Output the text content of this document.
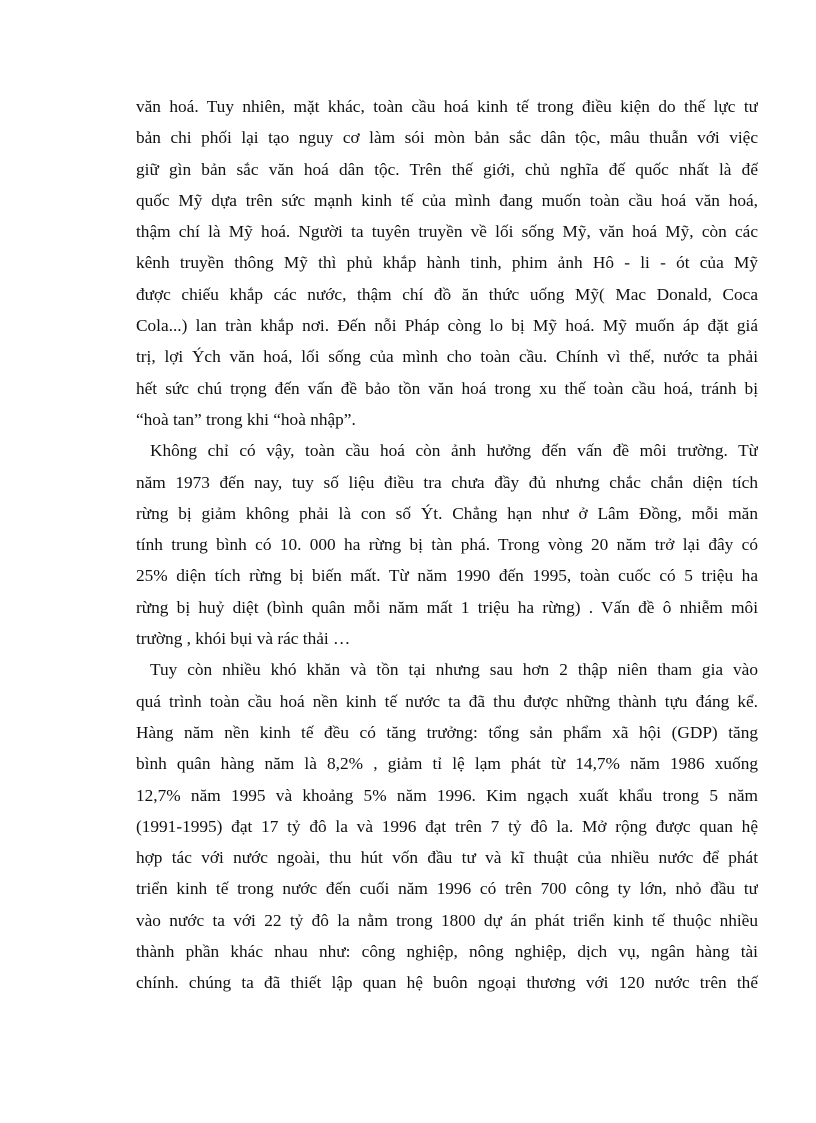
văn hoá. Tuy nhiên, mặt khác, toàn cầu hoá kinh tế trong điều kiện do thế lực tư
bản chi phối lại tạo nguy cơ làm sói mòn bản sắc dân tộc, mâu thuẫn với việc
giữ gìn bản sắc văn hoá dân tộc. Trên thế giới, chủ nghĩa đế quốc nhất là đế
quốc Mỹ dựa trên sức mạnh kinh tế của mình đang muốn toàn cầu hoá văn hoá,
thậm chí là Mỹ hoá. Người ta tuyên truyền về lối sống Mỹ, văn hoá Mỹ, còn các
kênh truyền thông Mỹ thì phủ khắp hành tinh, phim ảnh Hô - li - ót của Mỹ
được chiếu khắp các nước, thậm chí đồ ăn thức uống Mỹ( Mac Donald, Coca
Cola...) lan tràn khắp nơi. Đến nỗi Pháp còng lo bị Mỹ hoá. Mỹ muốn áp đặt giá
trị, lợi Ých văn hoá, lối sống của mình cho toàn cầu. Chính vì thế, nước ta phải
hết sức chú trọng đến vấn đề bảo tồn văn hoá trong xu thế toàn cầu hoá, tránh bị
“hoà tan” trong khi “hoà nhập”.
Không chỉ có vậy, toàn cầu hoá còn ảnh hưởng đến vấn đề môi trường. Từ
năm 1973 đến nay, tuy số liệu điều tra chưa đầy đủ nhưng chắc chắn diện tích
rừng bị giảm không phải là con số Ýt. Chẳng hạn như ở Lâm Đồng, mỗi măn
tính trung bình có 10. 000 ha rừng bị tàn phá. Trong vòng 20 năm trở lại đây có
25% diện tích rừng bị biến mất. Từ năm 1990 đến 1995, toàn cuốc có 5 triệu ha
rừng bị huỷ diệt (bình quân mỗi năm mất 1 triệu ha rừng) . Vấn đề ô nhiễm môi
trường , khói bụi và rác thải …
Tuy còn nhiều khó khăn và tồn tại nhưng sau hơn 2 thập niên tham gia vào
quá trình toàn cầu hoá nền kinh tế nước ta đã thu được những thành tựu đáng kể.
Hàng năm nền kinh tế đều có tăng trưởng: tổng sản phẩm xã hội (GDP) tăng
bình quân hàng năm là 8,2% , giảm tỉ lệ lạm phát từ 14,7% năm 1986 xuống
12,7% năm 1995 và khoảng 5% năm 1996. Kim ngạch xuất khẩu trong 5 năm
(1991-1995) đạt 17 tỷ đô la và 1996 đạt trên 7 tỷ đô la. Mở rộng được quan hệ
hợp tác với nước ngoài, thu hút vốn đầu tư và kĩ thuật của nhiều nước để phát
triển kinh tế trong nước đến cuối năm 1996 có trên 700 công ty lớn, nhỏ đầu tư
vào nước ta với 22 tỷ đô la nằm trong 1800 dự án phát triển kinh tế thuộc nhiều
thành phần khác nhau như: công nghiệp, nông nghiệp, dịch vụ, ngân hàng tài
chính. chúng ta đã thiết lập quan hệ buôn ngoại thương với 120 nước trên thế
